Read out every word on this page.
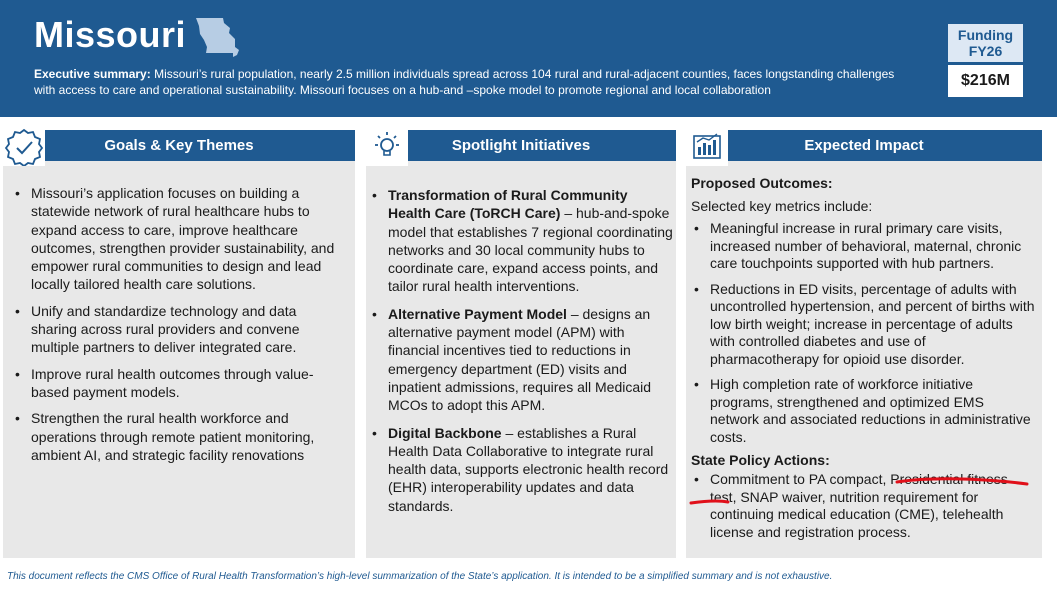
Missouri
Executive summary: Missouri’s rural population, nearly 2.5 million individuals spread across 104 rural and rural-adjacent counties, faces longstanding challenges with access to care and operational sustainability. Missouri focuses on a hub-and –spoke model to promote regional and local collaboration
Funding
FY26
$216M
Goals & Key Themes
• Missouri’s application focuses on building a statewide network of rural healthcare hubs to expand access to care, improve healthcare outcomes, strengthen provider sustainability, and empower rural communities to design and lead locally tailored health care solutions.
• Unify and standardize technology and data sharing across rural providers and convene multiple partners to deliver integrated care.
• Improve rural health outcomes through value-based payment models.
• Strengthen the rural health workforce and operations through remote patient monitoring, ambient AI, and strategic facility renovations
Spotlight Initiatives
• Transformation of Rural Community Health Care (ToRCH Care) – hub-and-spoke model that establishes 7 regional coordinating networks and 30 local community hubs to coordinate care, expand access points, and tailor rural health interventions.
• Alternative Payment Model – designs an alternative payment model (APM) with financial incentives tied to reductions in emergency department (ED) visits and inpatient admissions, requires all Medicaid MCOs to adopt this APM.
• Digital Backbone – establishes a Rural Health Data Collaborative to integrate rural health data, supports electronic health record (EHR) interoperability updates and data standards.
Expected Impact
Proposed Outcomes:
Selected key metrics include:
• Meaningful increase in rural primary care visits, increased number of behavioral, maternal, chronic care touchpoints supported with hub partners.
• Reductions in ED visits, percentage of adults with uncontrolled hypertension, and percent of births with low birth weight; increase in percentage of adults with controlled diabetes and use of pharmacotherapy for opioid use disorder.
• High completion rate of workforce initiative programs, strengthened and optimized EMS network and associated reductions in administrative costs.
State Policy Actions:
• Commitment to PA compact, Presidential fitness test, SNAP waiver, nutrition requirement for continuing medical education (CME), telehealth license and registration process.
This document reflects the CMS Office of Rural Health Transformation’s high-level summarization of the State’s application. It is intended to be a simplified summary and is not exhaustive.
